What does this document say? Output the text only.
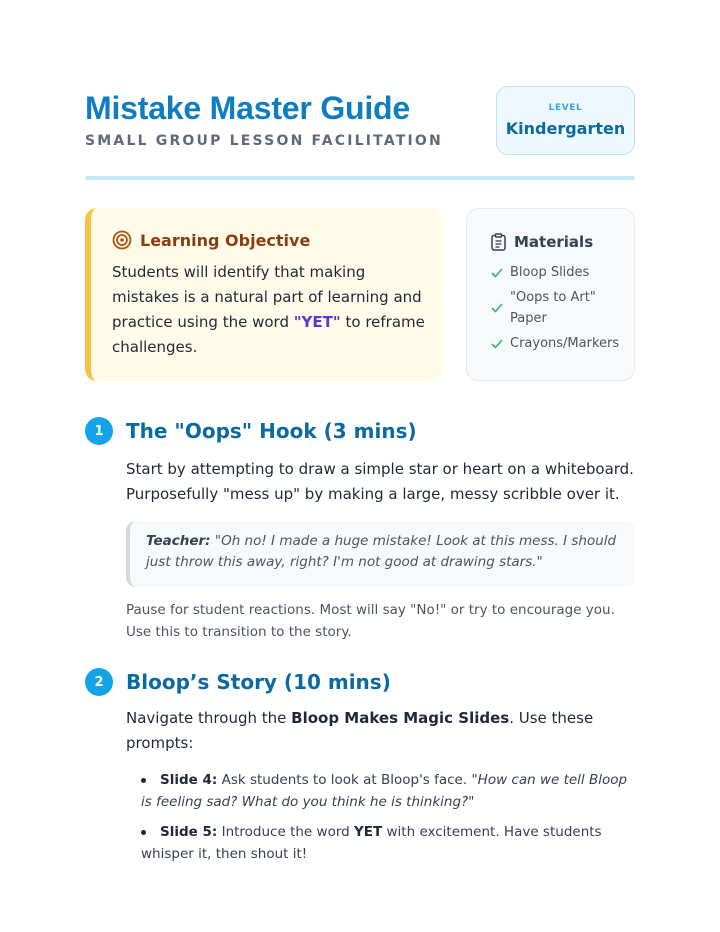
Mistake Master Guide
SMALL GROUP LESSON FACILITATION
LEVEL
Kindergarten
Learning Objective

Students will identify that making mistakes is a natural part of learning and practice using the word "YET" to reframe challenges.

Materials
Bloop Slides
"Oops to Art" Paper
Crayons/Markers
1	The "Oops" Hook (3 mins)

Start by attempting to draw a simple star or heart on a whiteboard. Purposefully "mess up" by making a large, messy scribble over it.

Teacher: "Oh no! I made a huge mistake! Look at this mess. I should just throw this away, right? I'm not good at drawing stars."

Pause for student reactions. Most will say "No!" or try to encourage you. Use this to transition to the story.

2	Bloop’s Story (10 mins)

Navigate through the Bloop Makes Magic Slides. Use these prompts:

Slide 4: Ask students to look at Bloop's face. "How can we tell Bloop is feeling sad? What do you think he is thinking?"
Slide 5: Introduce the word YET with excitement. Have students whisper it, then shout it!
